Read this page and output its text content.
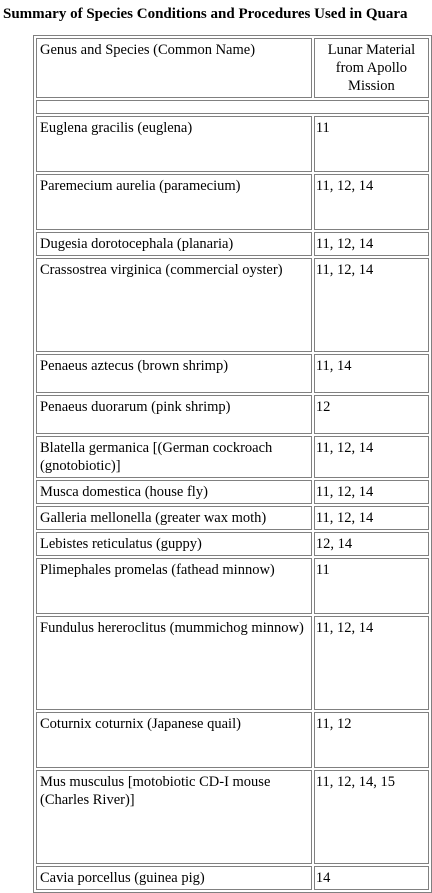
Summary of Species Conditions and Procedures Used in Quara
Genus and Species (Common Name)	Lunar Material from Apollo Mission

Euglena gracilis (euglena)	11
Paremecium aurelia (paramecium)	11, 12, 14
Dugesia dorotocephala (planaria)	11, 12, 14
Crassostrea virginica (commercial oyster)	11, 12, 14
Penaeus aztecus (brown shrimp)	11, 14
Penaeus duorarum (pink shrimp)	12
Blatella germanica [(German cockroach (gnotobiotic)]	11, 12, 14
Musca domestica (house fly)	11, 12, 14
Galleria mellonella (greater wax moth)	11, 12, 14
Lebistes reticulatus (guppy)	12, 14
Plimephales promelas (fathead minnow)	11
Fundulus hereroclitus (mummichog minnow)	11, 12, 14
Coturnix coturnix (Japanese quail)	11, 12
Mus musculus [motobiotic CD-I mouse (Charles River)]	11, 12, 14, 15
Cavia porcellus (guinea pig)	14
